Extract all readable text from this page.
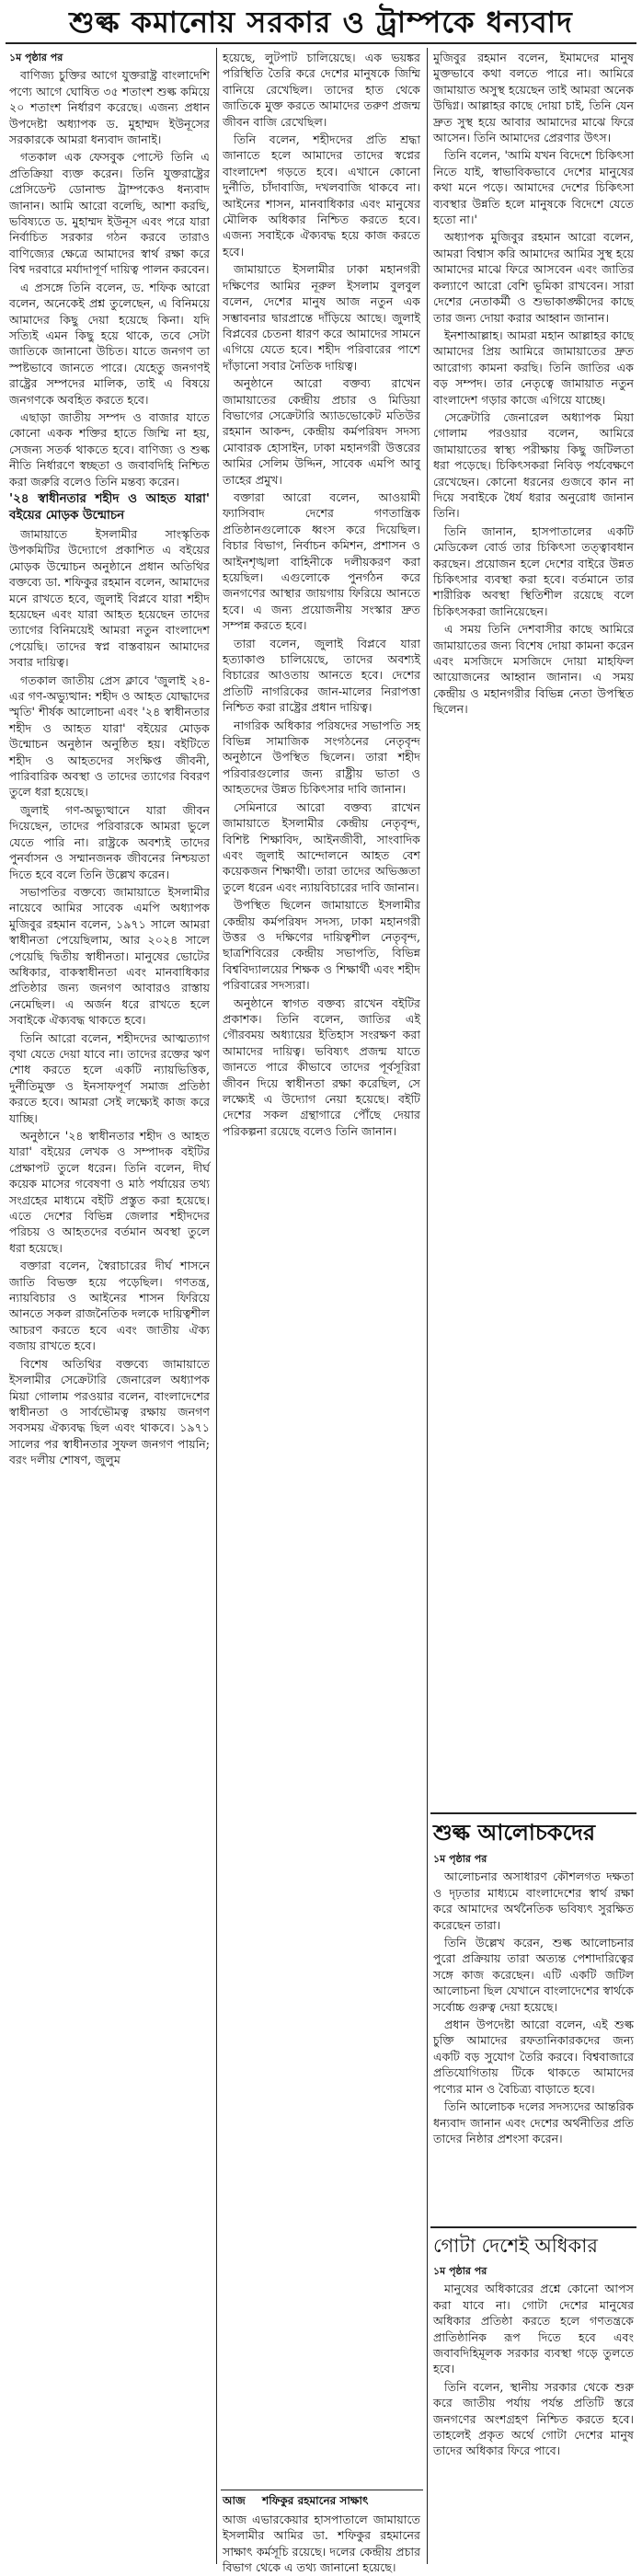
শুল্ক কমানোয় সরকার ও ট্রাম্পকে ধন্যবাদ
১ম পৃষ্ঠার পর

বাণিজ্য চুক্তির আগে যুক্তরাষ্ট্র বাংলাদেশি পণ্যে আগে ঘোষিত ৩৫ শতাংশ শুল্ক কমিয়ে ২০ শতাংশ নির্ধারণ করেছে। এজন্য প্রধান উপদেষ্টা অধ্যাপক ড. মুহাম্মদ ইউনূসের সরকারকে আমরা ধন্যবাদ জানাই।

গতকাল এক ফেসবুক পোস্টে তিনি এ প্রতিক্রিয়া ব্যক্ত করেন। তিনি যুক্তরাষ্ট্রের প্রেসিডেন্ট ডোনাল্ড ট্রাম্পকেও ধন্যবাদ জানান। আমি আরো বলেছি, আশা করছি, ভবিষ্যতে ড. মুহাম্মদ ইউনূস এবং পরে যারা নির্বাচিত সরকার গঠন করবে তারাও বাণিজ্যের ক্ষেত্রে আমাদের স্বার্থ রক্ষা করে বিশ্ব দরবারে মর্যাদাপূর্ণ দায়িত্ব পালন করবেন।

এ প্রসঙ্গে তিনি বলেন, ড. শফিক আরো বলেন, অনেকেই প্রশ্ন তুলেছেন, এ বিনিময়ে আমাদের কিছু দেয়া হয়েছে কিনা। যদি সত্যিই এমন কিছু হয়ে থাকে, তবে সেটা জাতিকে জানানো উচিত। যাতে জনগণ তা স্পষ্টভাবে জানতে পারে। যেহেতু জনগণই রাষ্ট্রের সম্পদের মালিক, তাই এ বিষয়ে জনগণকে অবহিত করতে হবে।

এছাড়া জাতীয় সম্পদ ও বাজার যাতে কোনো একক শক্তির হাতে জিম্মি না হয়, সেজন্য সতর্ক থাকতে হবে। বাণিজ্য ও শুল্ক নীতি নির্ধারণে স্বচ্ছতা ও জবাবদিহি নিশ্চিত করা জরুরি বলেও তিনি মন্তব্য করেন।

'২৪ স্বাধীনতার শহীদ ও আহত যারা' বইয়ের মোড়ক উন্মোচন

জামায়াতে ইসলামীর সাংস্কৃতিক উপকমিটির উদ্যোগে প্রকাশিত এ বইয়ের মোড়ক উন্মোচন অনুষ্ঠানে প্রধান অতিথির বক্তব্যে ডা. শফিকুর রহমান বলেন, আমাদের মনে রাখতে হবে, জুলাই বিপ্লবে যারা শহীদ হয়েছেন এবং যারা আহত হয়েছেন তাদের ত্যাগের বিনিময়েই আমরা নতুন বাংলাদেশ পেয়েছি। তাদের স্বপ্ন বাস্তবায়ন আমাদের সবার দায়িত্ব।

গতকাল জাতীয় প্রেস ক্লাবে 'জুলাই ২৪-এর গণ-অভ্যুত্থান: শহীদ ও আহত যোদ্ধাদের স্মৃতি' শীর্ষক আলোচনা এবং '২৪ স্বাধীনতার শহীদ ও আহত যারা' বইয়ের মোড়ক উন্মোচন অনুষ্ঠান অনুষ্ঠিত হয়। বইটিতে শহীদ ও আহতদের সংক্ষিপ্ত জীবনী, পারিবারিক অবস্থা ও তাদের ত্যাগের বিবরণ তুলে ধরা হয়েছে।

জুলাই গণ-অভ্যুত্থানে যারা জীবন দিয়েছেন, তাদের পরিবারকে আমরা ভুলে যেতে পারি না। রাষ্ট্রকে অবশ্যই তাদের পুনর্বাসন ও সম্মানজনক জীবনের নিশ্চয়তা দিতে হবে বলে তিনি উল্লেখ করেন।

সভাপতির বক্তব্যে জামায়াতে ইসলামীর নায়েবে আমির সাবেক এমপি অধ্যাপক মুজিবুর রহমান বলেন, ১৯৭১ সালে আমরা স্বাধীনতা পেয়েছিলাম, আর ২০২৪ সালে পেয়েছি দ্বিতীয় স্বাধীনতা। মানুষের ভোটের অধিকার, বাকস্বাধীনতা এবং মানবাধিকার প্রতিষ্ঠার জন্য জনগণ আবারও রাস্তায় নেমেছিল। এ অর্জন ধরে রাখতে হলে সবাইকে ঐক্যবদ্ধ থাকতে হবে।

তিনি আরো বলেন, শহীদদের আত্মত্যাগ বৃথা যেতে দেয়া যাবে না। তাদের রক্তের ঋণ শোধ করতে হলে একটি ন্যায়ভিত্তিক, দুর্নীতিমুক্ত ও ইনসাফপূর্ণ সমাজ প্রতিষ্ঠা করতে হবে। আমরা সেই লক্ষ্যেই কাজ করে যাচ্ছি।

অনুষ্ঠানে '২৪ স্বাধীনতার শহীদ ও আহত যারা' বইয়ের লেখক ও সম্পাদক বইটির প্রেক্ষাপট তুলে ধরেন। তিনি বলেন, দীর্ঘ কয়েক মাসের গবেষণা ও মাঠ পর্যায়ের তথ্য সংগ্রহের মাধ্যমে বইটি প্রস্তুত করা হয়েছে। এতে দেশের বিভিন্ন জেলার শহীদদের পরিচয় ও আহতদের বর্তমান অবস্থা তুলে ধরা হয়েছে।

বক্তারা বলেন, স্বৈরাচারের দীর্ঘ শাসনে জাতি বিভক্ত হয়ে পড়েছিল। গণতন্ত্র, ন্যায়বিচার ও আইনের শাসন ফিরিয়ে আনতে সকল রাজনৈতিক দলকে দায়িত্বশীল আচরণ করতে হবে এবং জাতীয় ঐক্য বজায় রাখতে হবে।

বিশেষ অতিথির বক্তব্যে জামায়াতে ইসলামীর সেক্রেটারি জেনারেল অধ্যাপক মিয়া গোলাম পরওয়ার বলেন, বাংলাদেশের স্বাধীনতা ও সার্বভৌমত্ব রক্ষায় জনগণ সবসময় ঐক্যবদ্ধ ছিল এবং থাকবে। ১৯৭১ সালের পর স্বাধীনতার সুফল জনগণ পায়নি; বরং দলীয় শোষণ, জুলুম

হয়েছে, লুটপাট চালিয়েছে। এক ভয়ঙ্কর পরিস্থিতি তৈরি করে দেশের মানুষকে জিম্মি বানিয়ে রেখেছিল। তাদের হাত থেকে জাতিকে মুক্ত করতে আমাদের তরুণ প্রজন্ম জীবন বাজি রেখেছিল।

তিনি বলেন, শহীদদের প্রতি শ্রদ্ধা জানাতে হলে আমাদের তাদের স্বপ্নের বাংলাদেশ গড়তে হবে। এখানে কোনো দুর্নীতি, চাঁদাবাজি, দখলবাজি থাকবে না। আইনের শাসন, মানবাধিকার এবং মানুষের মৌলিক অধিকার নিশ্চিত করতে হবে। এজন্য সবাইকে ঐক্যবদ্ধ হয়ে কাজ করতে হবে।

জামায়াতে ইসলামীর ঢাকা মহানগরী দক্ষিণের আমির নূরুল ইসলাম বুলবুল বলেন, দেশের মানুষ আজ নতুন এক সম্ভাবনার দ্বারপ্রান্তে দাঁড়িয়ে আছে। জুলাই বিপ্লবের চেতনা ধারণ করে আমাদের সামনে এগিয়ে যেতে হবে। শহীদ পরিবারের পাশে দাঁড়ানো সবার নৈতিক দায়িত্ব।

অনুষ্ঠানে আরো বক্তব্য রাখেন জামায়াতের কেন্দ্রীয় প্রচার ও মিডিয়া বিভাগের সেক্রেটারি অ্যাডভোকেট মতিউর রহমান আকন্দ, কেন্দ্রীয় কর্মপরিষদ সদস্য মোবারক হোসাইন, ঢাকা মহানগরী উত্তরের আমির সেলিম উদ্দিন, সাবেক এমপি আবু তাহের প্রমুখ।

বক্তারা আরো বলেন, আওয়ামী ফ্যাসিবাদ দেশের গণতান্ত্রিক প্রতিষ্ঠানগুলোকে ধ্বংস করে দিয়েছিল। বিচার বিভাগ, নির্বাচন কমিশন, প্রশাসন ও আইনশৃঙ্খলা বাহিনীকে দলীয়করণ করা হয়েছিল। এগুলোকে পুনর্গঠন করে জনগণের আস্থার জায়গায় ফিরিয়ে আনতে হবে। এ জন্য প্রয়োজনীয় সংস্কার দ্রুত সম্পন্ন করতে হবে।

তারা বলেন, জুলাই বিপ্লবে যারা হত্যাকাণ্ড চালিয়েছে, তাদের অবশ্যই বিচারের আওতায় আনতে হবে। দেশের প্রতিটি নাগরিকের জান-মালের নিরাপত্তা নিশ্চিত করা রাষ্ট্রের প্রধান দায়িত্ব।

নাগরিক অধিকার পরিষদের সভাপতি সহ বিভিন্ন সামাজিক সংগঠনের নেতৃবৃন্দ অনুষ্ঠানে উপস্থিত ছিলেন। তারা শহীদ পরিবারগুলোর জন্য রাষ্ট্রীয় ভাতা ও আহতদের উন্নত চিকিৎসার দাবি জানান।

সেমিনারে আরো বক্তব্য রাখেন জামায়াতে ইসলামীর কেন্দ্রীয় নেতৃবৃন্দ, বিশিষ্ট শিক্ষাবিদ, আইনজীবী, সাংবাদিক এবং জুলাই আন্দোলনে আহত বেশ কয়েকজন শিক্ষার্থী। তারা তাদের অভিজ্ঞতা তুলে ধরেন এবং ন্যায়বিচারের দাবি জানান।

উপস্থিত ছিলেন জামায়াতে ইসলামীর কেন্দ্রীয় কর্মপরিষদ সদস্য, ঢাকা মহানগরী উত্তর ও দক্ষিণের দায়িত্বশীল নেতৃবৃন্দ, ছাত্রশিবিরের কেন্দ্রীয় সভাপতি, বিভিন্ন বিশ্ববিদ্যালয়ের শিক্ষক ও শিক্ষার্থী এবং শহীদ পরিবারের সদস্যরা।

অনুষ্ঠানে স্বাগত বক্তব্য রাখেন বইটির প্রকাশক। তিনি বলেন, জাতির এই গৌরবময় অধ্যায়ের ইতিহাস সংরক্ষণ করা আমাদের দায়িত্ব। ভবিষ্যৎ প্রজন্ম যাতে জানতে পারে কীভাবে তাদের পূর্বসূরিরা জীবন দিয়ে স্বাধীনতা রক্ষা করেছিল, সে লক্ষ্যেই এ উদ্যোগ নেয়া হয়েছে। বইটি দেশের সকল গ্রন্থাগারে পৌঁছে দেয়ার পরিকল্পনা রয়েছে বলেও তিনি জানান।

আজ শফিকুর রহমানের সাক্ষাৎ

আজ এভারকেয়ার হাসপাতালে জামায়াতে ইসলামীর আমির ডা. শফিকুর রহমানের সাক্ষাৎ কর্মসূচি রয়েছে। দলের কেন্দ্রীয় প্রচার বিভাগ থেকে এ তথ্য জানানো হয়েছে।

মুজিবুর রহমান বলেন, ইমামদের মানুষ মুক্তভাবে কথা বলতে পারে না। আমিরে জামায়াত অসুস্থ হয়েছেন তাই আমরা অনেক উদ্বিগ্ন। আল্লাহর কাছে দোয়া চাই, তিনি যেন দ্রুত সুস্থ হয়ে আবার আমাদের মাঝে ফিরে আসেন। তিনি আমাদের প্রেরণার উৎস।

তিনি বলেন, 'আমি যখন বিদেশে চিকিৎসা নিতে যাই, স্বাভাবিকভাবে দেশের মানুষের কথা মনে পড়ে। আমাদের দেশের চিকিৎসা ব্যবস্থার উন্নতি হলে মানুষকে বিদেশে যেতে হতো না।'

অধ্যাপক মুজিবুর রহমান আরো বলেন, আমরা বিশ্বাস করি আমাদের আমির সুস্থ হয়ে আমাদের মাঝে ফিরে আসবেন এবং জাতির কল্যাণে আরো বেশি ভূমিকা রাখবেন। সারা দেশের নেতাকর্মী ও শুভাকাঙ্ক্ষীদের কাছে তার জন্য দোয়া করার আহ্বান জানান।

ইনশাআল্লাহ। আমরা মহান আল্লাহর কাছে আমাদের প্রিয় আমিরে জামায়াতের দ্রুত আরোগ্য কামনা করছি। তিনি জাতির এক বড় সম্পদ। তার নেতৃত্বে জামায়াত নতুন বাংলাদেশ গড়ার কাজে এগিয়ে যাচ্ছে।

সেক্রেটারি জেনারেল অধ্যাপক মিয়া গোলাম পরওয়ার বলেন, আমিরে জামায়াতের স্বাস্থ্য পরীক্ষায় কিছু জটিলতা ধরা পড়েছে। চিকিৎসকরা নিবিড় পর্যবেক্ষণে রেখেছেন। কোনো ধরনের গুজবে কান না দিয়ে সবাইকে ধৈর্য ধরার অনুরোধ জানান তিনি।

তিনি জানান, হাসপাতালের একটি মেডিকেল বোর্ড তার চিকিৎসা তত্ত্বাবধান করছেন। প্রয়োজন হলে দেশের বাইরে উন্নত চিকিৎসার ব্যবস্থা করা হবে। বর্তমানে তার শারীরিক অবস্থা স্থিতিশীল রয়েছে বলে চিকিৎসকরা জানিয়েছেন।

এ সময় তিনি দেশবাসীর কাছে আমিরে জামায়াতের জন্য বিশেষ দোয়া কামনা করেন এবং মসজিদে মসজিদে দোয়া মাহফিল আয়োজনের আহ্বান জানান। এ সময় কেন্দ্রীয় ও মহানগরীর বিভিন্ন নেতা উপস্থিত ছিলেন।

শুল্ক আলোচকদের
১ম পৃষ্ঠার পর

আলোচনার অসাধারণ কৌশলগত দক্ষতা ও দৃঢ়তার মাধ্যমে বাংলাদেশের স্বার্থ রক্ষা করে আমাদের অর্থনৈতিক ভবিষ্যৎ সুরক্ষিত করেছেন তারা।

তিনি উল্লেখ করেন, শুল্ক আলোচনার পুরো প্রক্রিয়ায় তারা অত্যন্ত পেশাদারিত্বের সঙ্গে কাজ করেছেন। এটি একটি জটিল আলোচনা ছিল যেখানে বাংলাদেশের স্বার্থকে সর্বোচ্চ গুরুত্ব দেয়া হয়েছে।

প্রধান উপদেষ্টা আরো বলেন, এই শুল্ক চুক্তি আমাদের রফতানিকারকদের জন্য একটি বড় সুযোগ তৈরি করবে। বিশ্ববাজারে প্রতিযোগিতায় টিকে থাকতে আমাদের পণ্যের মান ও বৈচিত্র্য বাড়াতে হবে।

তিনি আলোচক দলের সদস্যদের আন্তরিক ধন্যবাদ জানান এবং দেশের অর্থনীতির প্রতি তাদের নিষ্ঠার প্রশংসা করেন।

গোটা দেশেই অধিকার
১ম পৃষ্ঠার পর

মানুষের অধিকারের প্রশ্নে কোনো আপস করা যাবে না। গোটা দেশের মানুষের অধিকার প্রতিষ্ঠা করতে হলে গণতন্ত্রকে প্রাতিষ্ঠানিক রূপ দিতে হবে এবং জবাবদিহিমূলক সরকার ব্যবস্থা গড়ে তুলতে হবে।

তিনি বলেন, স্থানীয় সরকার থেকে শুরু করে জাতীয় পর্যায় পর্যন্ত প্রতিটি স্তরে জনগণের অংশগ্রহণ নিশ্চিত করতে হবে। তাহলেই প্রকৃত অর্থে গোটা দেশের মানুষ তাদের অধিকার ফিরে পাবে।
